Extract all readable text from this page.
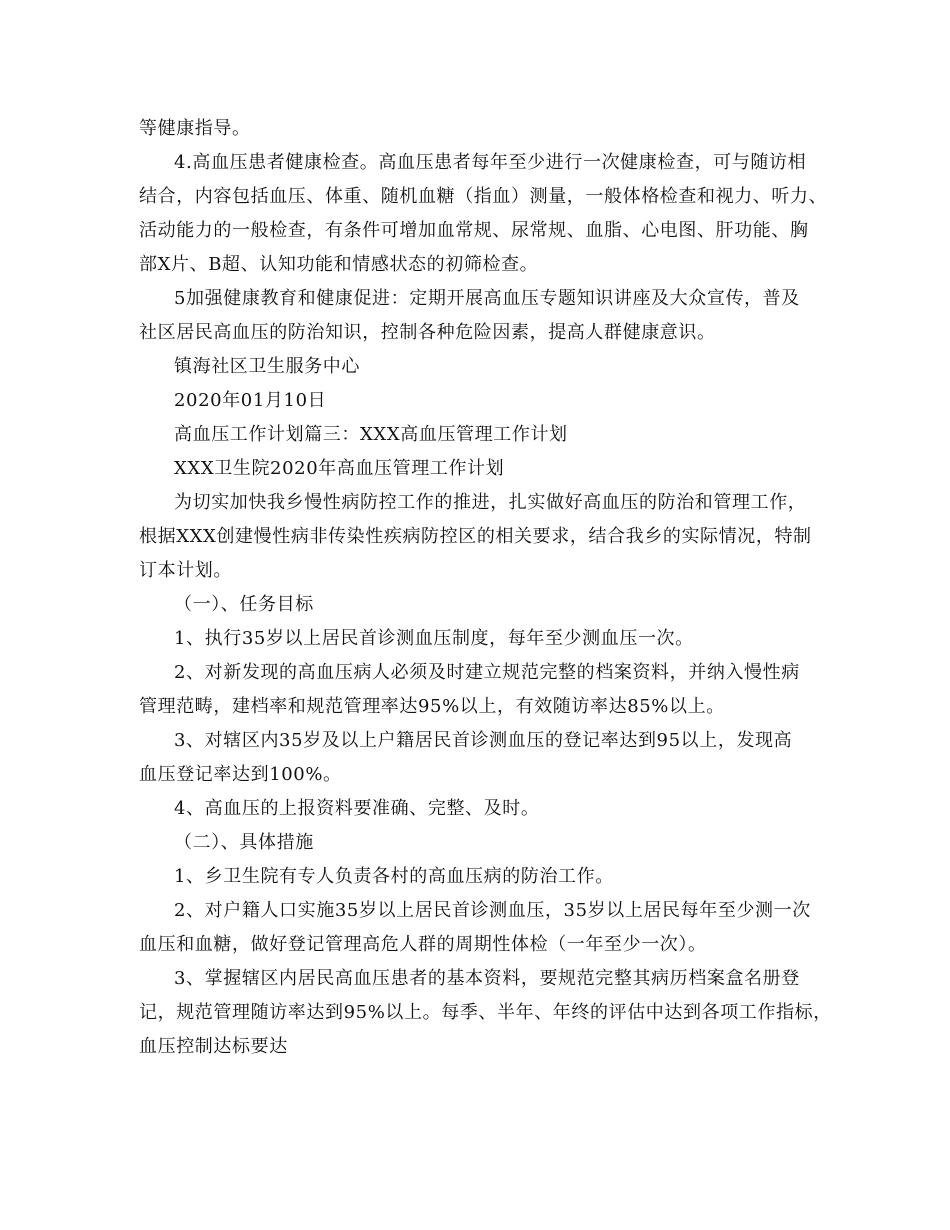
等健康指导。
4.高血压患者健康检查。高血压患者每年至少进行一次健康检查，可与随访相
结合，内容包括血压、体重、随机血糖（指血）测量，一般体格检查和视力、听力、
活动能力的一般检查，有条件可增加血常规、尿常规、血脂、心电图、肝功能、胸
部X片、B超、认知功能和情感状态的初筛检查。
5加强健康教育和健康促进：定期开展高血压专题知识讲座及大众宣传，普及
社区居民高血压的防治知识，控制各种危险因素，提高人群健康意识。
镇海社区卫生服务中心
2020年01月10日
高血压工作计划篇三：XXX高血压管理工作计划
XXX卫生院2020年高血压管理工作计划
为切实加快我乡慢性病防控工作的推进，扎实做好高血压的防治和管理工作，
根据XXX创建慢性病非传染性疾病防控区的相关要求，结合我乡的实际情况，特制
订本计划。
（一）、任务目标
1、执行35岁以上居民首诊测血压制度，每年至少测血压一次。
2、对新发现的高血压病人必须及时建立规范完整的档案资料，并纳入慢性病
管理范畴，建档率和规范管理率达95%以上，有效随访率达85%以上。
3、对辖区内35岁及以上户籍居民首诊测血压的登记率达到95以上，发现高
血压登记率达到100%。
4、高血压的上报资料要准确、完整、及时。
（二）、具体措施
1、乡卫生院有专人负责各村的高血压病的防治工作。
2、对户籍人口实施35岁以上居民首诊测血压，35岁以上居民每年至少测一次
血压和血糖，做好登记管理高危人群的周期性体检（一年至少一次）。
3、掌握辖区内居民高血压患者的基本资料，要规范完整其病历档案盒名册登
记，规范管理随访率达到95%以上。每季、半年、年终的评估中达到各项工作指标，
血压控制达标要达
